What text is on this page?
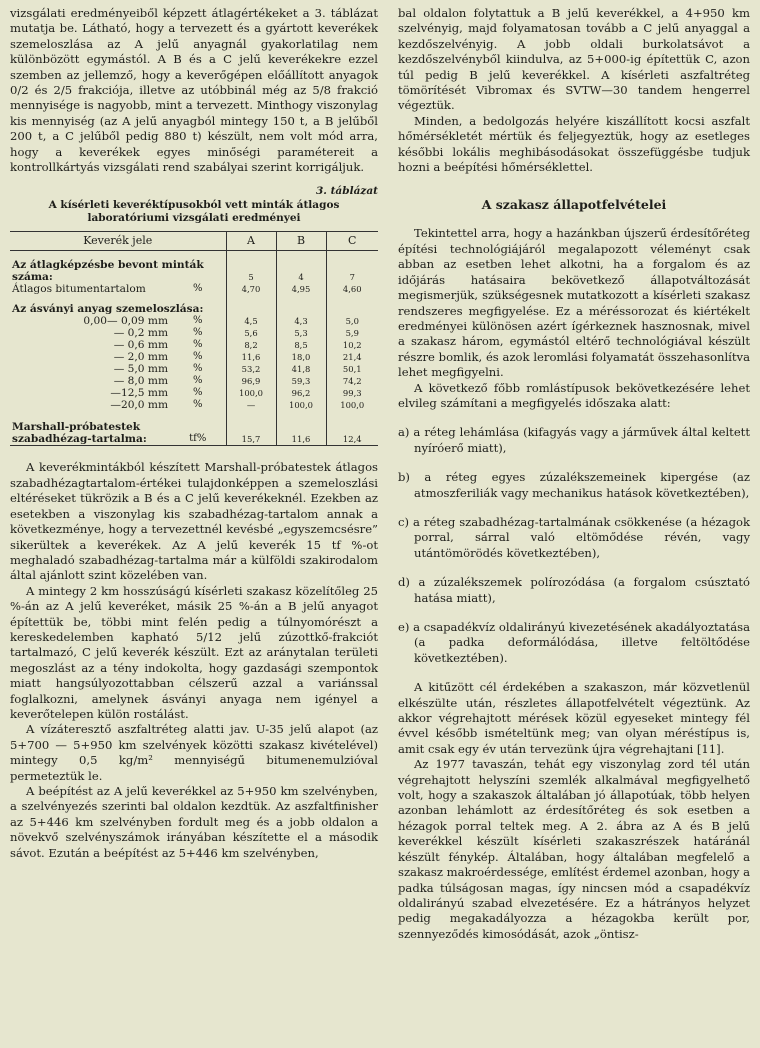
vizsgálati eredményeiből képzett átlagértékeket a 3. táblázat mutatja be. Látható, hogy a tervezett és a gyártott keverékek szemeloszlása az A jelű anyagnál gyakorlatilag nem különbözött egymástól. A B és a C jelű keverékekre ezzel szemben az jellemző, hogy a keverőgépen előállított anyagok 0/2 és 2/5 frakciója, illetve az utóbbinál még az 5/8 frakció mennyisége is nagyobb, mint a tervezett. Minthogy viszonylag kis mennyiség (az A jelű anyagból mintegy 150 t, a B jelűből 200 t, a C jelűből pedig 880 t) készült, nem volt mód arra, hogy a keverékek egyes minőségi paramétereit a kontrollkártyás vizsgálati rend szabályai szerint korrigáljuk.

3. táblázat
A kísérleti keveréktípusokból vett minták átlagos laboratóriumi vizsgálati eredményei
Keverék jele		A	B	C

Az átlagképzésbe bevont minták száma:		5	4	7
Átlagos bitumentartalom	%	4,70	4,95	4,60

Az ásványi anyag szemeloszlása:				
0,00— 0,09 mm	%	4,5	4,3	5,0
— 0,2 mm	%	5,6	5,3	5,9
— 0,6 mm	%	8,2	8,5	10,2
— 2,0 mm	%	11,6	18,0	21,4
— 5,0 mm	%	53,2	41,8	50,1
— 8,0 mm	%	96,9	59,3	74,2
—12,5 mm	%	100,0	96,2	99,3
—20,0 mm	%	—	100,0	100,0

Marshall-próbatestek szabadhézag-tartalma:	tf%	15,7	11,6	12,4

A keverékmintákból készített Marshall-próbatestek átlagos szabadhézagtartalom-értékei tulajdonképpen a szemeloszlási eltéréseket tükrözik a B és a C jelű keverékeknél. Ezekben az esetekben a viszonylag kis szabadhézag-tartalom annak a következménye, hogy a tervezettnél kevésbé „egyszemcsésre” sikerültek a keverékek. Az A jelű keverék 15 tf %-ot meghaladó szabadhézag-tartalma már a külföldi szakirodalom által ajánlott szint közelében van.

A mintegy 2 km hosszúságú kísérleti szakasz közelítőleg 25 %-án az A jelű keveréket, másik 25 %-án a B jelű anyagot építettük be, többi mint felén pedig a túlnyomórészt a kereskedelemben kapható 5/12 jelű zúzottkő-frakciót tartalmazó, C jelű keverék készült. Ezt az aránytalan területi megoszlást az a tény indokolta, hogy gazdasági szempontok miatt hangsúlyozottabban célszerű azzal a variánssal foglalkozni, amelynek ásványi anyaga nem igényel a keverőtelepen külön rostálást.

A vízáteresztő aszfaltréteg alatti jav. U-35 jelű alapot (az 5+700 — 5+950 km szelvények közötti szakasz kivételével) mintegy 0,5 kg/m² mennyiségű bitumenemulzióval permeteztük le.

A beépítést az A jelű keverékkel az 5+950 km szelvényben, a szelvényezés szerinti bal oldalon kezdtük. Az aszfaltfinisher az 5+446 km szelvényben fordult meg és a jobb oldalon a növekvő szelvényszámok irányában készítette el a második sávot. Ezután a beépítést az 5+446 km szelvényben,

bal oldalon folytattuk a B jelű keverékkel, a 4+950 km szelvényig, majd folyamatosan tovább a C jelű anyaggal a kezdőszelvényig. A jobb oldali burkolatsávot a kezdőszelvényből kiindulva, az 5+000-ig építettük C, azon túl pedig B jelű keverékkel. A kísérleti aszfaltréteg tömörítését Vibromax és SVTW—30 tandem hengerrel végeztük.

Minden, a bedolgozás helyére kiszállított kocsi aszfalt hőmérsékletét mértük és feljegyeztük, hogy az esetleges későbbi lokális meghibásodásokat összefüggésbe tudjuk hozni a beépítési hőmérséklettel.

A szakasz állapotfelvételei

Tekintettel arra, hogy a hazánkban újszerű érdesítőréteg építési technológiájáról megalapozott véleményt csak abban az esetben lehet alkotni, ha a forgalom és az időjárás hatásaira bekövetkező állapotváltozását megismerjük, szükségesnek mutatkozott a kísérleti szakasz rendszeres megfigyelése. Ez a méréssorozat és kiértékelt eredményei különösen azért ígérkeznek hasznosnak, mivel a szakasz három, egymástól eltérő technológiával készült részre bomlik, és azok leromlási folyamatát összehasonlítva lehet megfigyelni.

A következő főbb romlástípusok bekövetkezésére lehet elvileg számítani a megfigyelés időszaka alatt:

a) a réteg lehámlása (kifagyás vagy a járművek által keltett nyíróerő miatt),

b) a réteg egyes zúzalékszemeinek kipergése (az atmoszferiliák vagy mechanikus hatások következtében),

c) a réteg szabadhézag-tartalmának csökkenése (a hézagok porral, sárral való eltömődése révén, vagy utántömörödés következtében),

d) a zúzalékszemek polírozódása (a forgalom csúsztató hatása miatt),

e) a csapadékvíz oldalirányú kivezetésének akadályoztatása (a padka deformálódása, illetve feltöltődése következtében).

A kitűzött cél érdekében a szakaszon, már közvetlenül elkészülte után, részletes állapotfelvételt végeztünk. Az akkor végrehajtott mérések közül egyeseket mintegy fél évvel később ismételtünk meg; van olyan méréstípus is, amit csak egy év után tervezünk újra végrehajtani [11].

Az 1977 tavaszán, tehát egy viszonylag zord tél után végrehajtott helyszíni szemlék alkalmával megfigyelhető volt, hogy a szakaszok általában jó állapotúak, több helyen azonban lehámlott az érdesítőréteg és sok esetben a hézagok porral teltek meg. A 2. ábra az A és B jelű keverékkel készült kísérleti szakaszrészek határánál készült fénykép. Általában, hogy általában megfelelő a szakasz makroérdessége, említést érdemel azonban, hogy a padka túlságosan magas, így nincsen mód a csapadékvíz oldalirányú szabad elvezetésére. Ez a hátrányos helyzet pedig megakadályozza a hézagokba került por, szennyeződés kimosódását, azok „öntisz-
